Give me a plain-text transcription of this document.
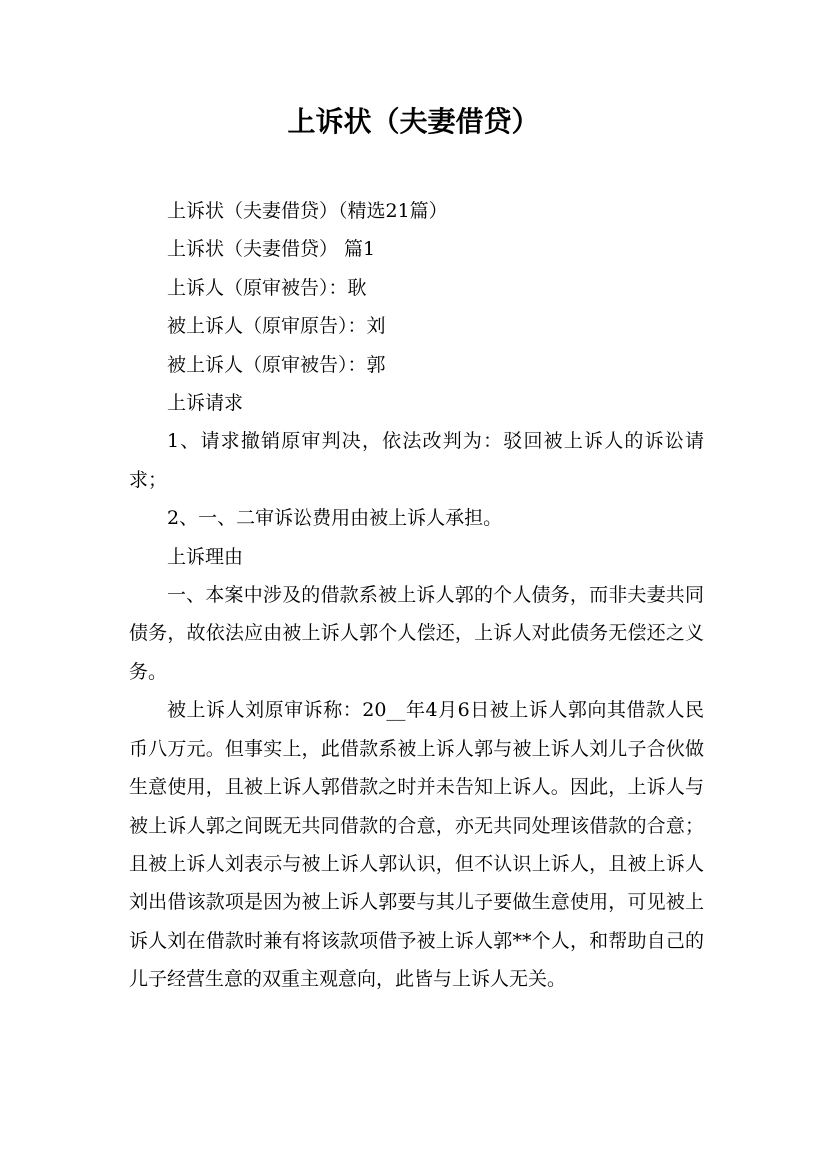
上诉状（夫妻借贷）

上诉状（夫妻借贷）（精选21篇）

上诉状（夫妻借贷） 篇1

上诉人（原审被告）：耿

被上诉人（原审原告）：刘

被上诉人（原审被告）：郭

上诉请求

1、请求撤销原审判决，依法改判为：驳回被上诉人的诉讼请求；

2、一、二审诉讼费用由被上诉人承担。

上诉理由

一、本案中涉及的借款系被上诉人郭的个人债务，而非夫妻共同债务，故依法应由被上诉人郭个人偿还，上诉人对此债务无偿还之义务。

被上诉人刘原审诉称：20__年4月6日被上诉人郭向其借款人民币八万元。但事实上，此借款系被上诉人郭与被上诉人刘儿子合伙做生意使用，且被上诉人郭借款之时并未告知上诉人。因此，上诉人与被上诉人郭之间既无共同借款的合意，亦无共同处理该借款的合意；且被上诉人刘表示与被上诉人郭认识，但不认识上诉人，且被上诉人刘出借该款项是因为被上诉人郭要与其儿子要做生意使用，可见被上诉人刘在借款时兼有将该款项借予被上诉人郭**个人，和帮助自己的儿子经营生意的双重主观意向，此皆与上诉人无关。
